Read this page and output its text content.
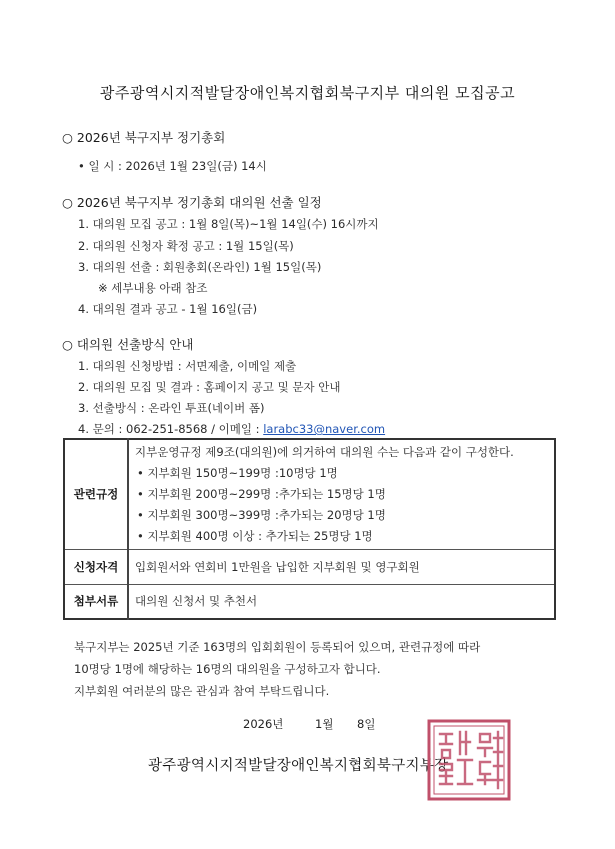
광주광역시지적발달장애인복지협회북구지부 대의원 모집공고
○ 2026년 북구지부 정기총회
• 일 시 : 2026년 1월 23일(금) 14시
○ 2026년 북구지부 정기총회 대의원 선출 일정
1. 대의원 모집 공고 : 1월 8일(목)~1월 14일(수) 16시까지
2. 대의원 신청자 확정 공고 : 1월 15일(목)
3. 대의원 선출 : 회원총회(온라인) 1월 15일(목)
※ 세부내용 아래 참조
4. 대의원 결과 공고 - 1월 16일(금)
○ 대의원 선출방식 안내
1. 대의원 신청방법 : 서면제출, 이메일 제출
2. 대의원 모집 및 결과 : 홈페이지 공고 및 문자 안내
3. 선출방식 : 온라인 투표(네이버 폼)
4. 문의 : 062-251-8568 / 이메일 : larabc33@naver.com
관련규정	지부운영규정 제9조(대의원)에 의거하여 대의원 수는 다음과 같이 구성한다.
• 지부회원 150명~199명 :10명당 1명
• 지부회원 200명~299명 :추가되는 15명당 1명
• 지부회원 300명~399명 :추가되는 20명당 1명
• 지부회원 400명 이상 : 추가되는 25명당 1명

신청자격	입회원서와 연회비 1만원을 납입한 지부회원 및 영구회원
첨부서류	대의원 신청서 및 추천서
북구지부는 2025년 기준 163명의 입회회원이 등록되어 있으며, 관련규정에 따라
10명당 1명에 해당하는 16명의 대의원을 구성하고자 합니다.
지부회원 여러분의 많은 관심과 참여 부탁드립니다.
2026년	1월 8일
광주광역시지적발달장애인복지협회북구지부장
